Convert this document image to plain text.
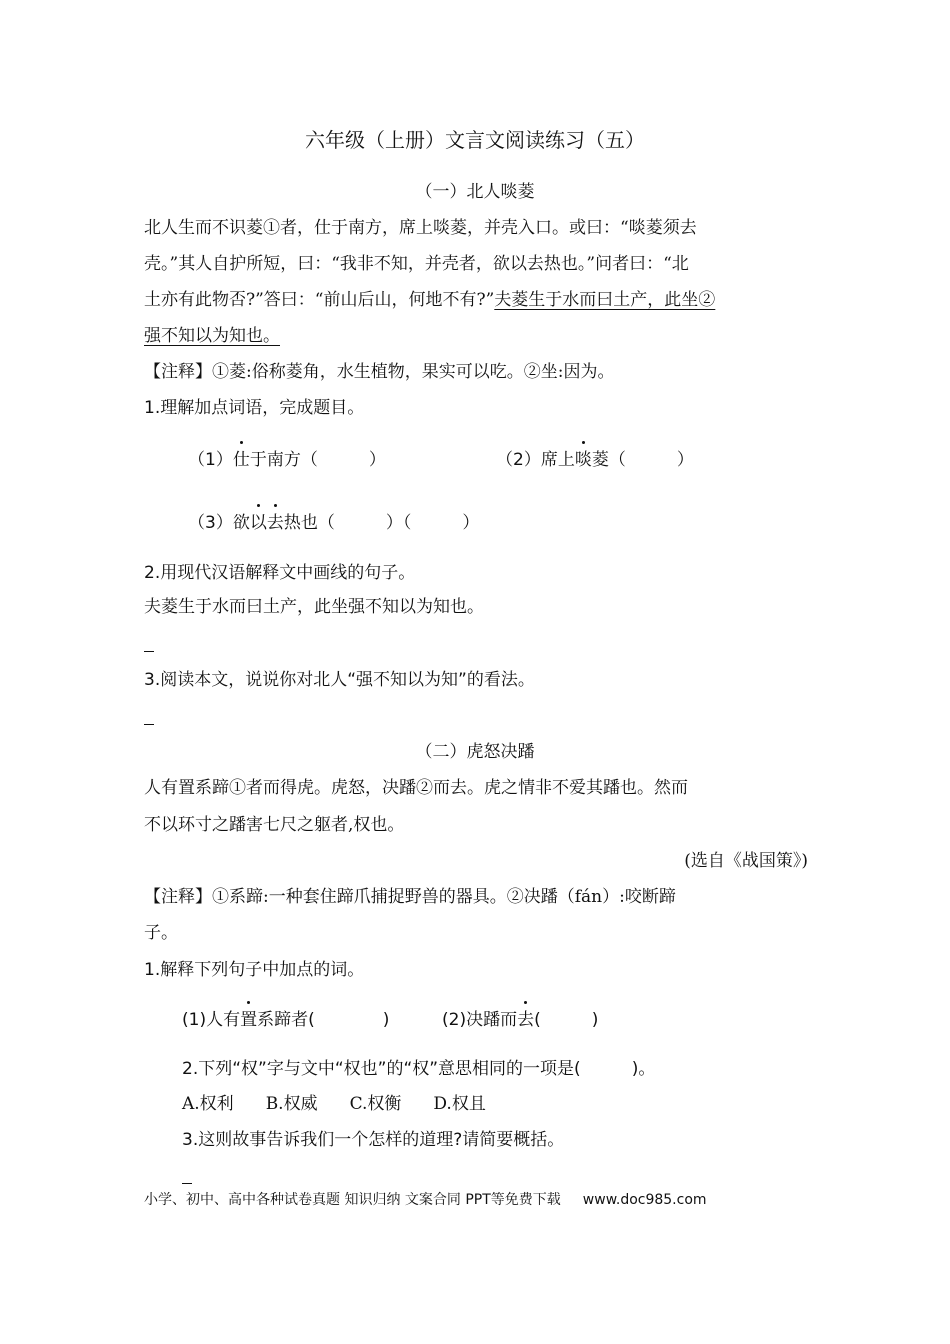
六年级（上册）文言文阅读练习（五）
（一）北人啖菱
北人生而不识菱①者，仕于南方，席上啖菱，并壳入口。或曰：“啖菱须去
壳。”其人自护所短，曰：“我非不知，并壳者，欲以去热也。”问者曰：“北
土亦有此物否?”答曰：“前山后山，何地不有?”夫菱生于水而曰土产，此坐②
强不知以为知也。
【注释】①菱:俗称菱角，水生植物，果实可以吃。②坐:因为。
1.理解加点词语，完成题目。
（1）仕于南方（　　　）	（2）席上啖菱（　　　）
（3）欲以去热也（　　　）（　　　）
2.用现代汉语解释文中画线的句子。
夫菱生于水而曰土产，此坐强不知以为知也。
3.阅读本文，说说你对北人“强不知以为知”的看法。
（二）虎怒决蹯
人有置系蹄①者而得虎。虎怒，决蹯②而去。虎之情非不爱其蹯也。然而
不以环寸之蹯害七尺之躯者,权也。
(选自《战国策》)
【注释】①系蹄:一种套住蹄爪捕捉野兽的器具。②决蹯（fán）:咬断蹄
子。
1.解释下列句子中加点的词。
(1)人有置系蹄者(　　　　)	(2)决蹯而去(　　　)
2.下列“权”字与文中“权也”的“权”意思相同的一项是(　　　)。
A.权利 B.权威 C.权衡 D.权且
3.这则故事告诉我们一个怎样的道理?请简要概括。
小学、初中、高中各种试卷真题 知识归纳 文案合同 PPT等免费下载 www.doc985.com
